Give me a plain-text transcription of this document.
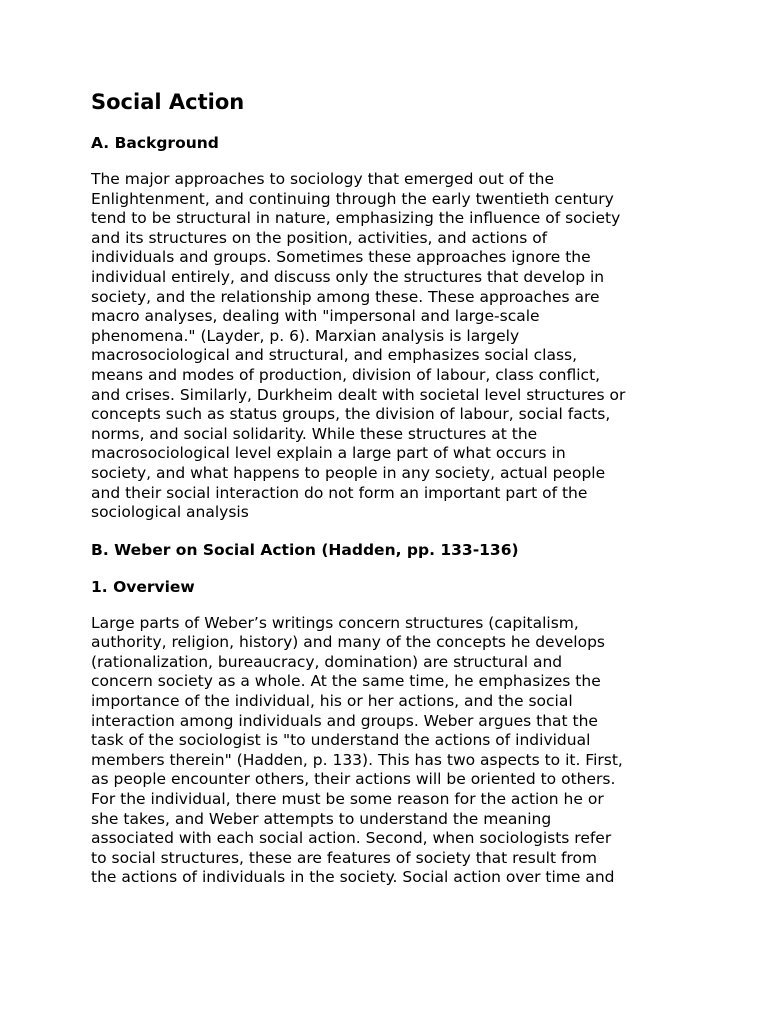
Social Action
A. Background

The major approaches to sociology that emerged out of the
Enlightenment, and continuing through the early twentieth century
tend to be structural in nature, emphasizing the influence of society
and its structures on the position, activities, and actions of
individuals and groups. Sometimes these approaches ignore the
individual entirely, and discuss only the structures that develop in
society, and the relationship among these. These approaches are
macro analyses, dealing with "impersonal and large-scale
phenomena." (Layder, p. 6). Marxian analysis is largely
macrosociological and structural, and emphasizes social class,
means and modes of production, division of labour, class conflict,
and crises. Similarly, Durkheim dealt with societal level structures or
concepts such as status groups, the division of labour, social facts,
norms, and social solidarity. While these structures at the
macrosociological level explain a large part of what occurs in
society, and what happens to people in any society, actual people
and their social interaction do not form an important part of the
sociological analysis

B. Weber on Social Action (Hadden, pp. 133-136)
1. Overview

Large parts of Weber’s writings concern structures (capitalism,
authority, religion, history) and many of the concepts he develops
(rationalization, bureaucracy, domination) are structural and
concern society as a whole. At the same time, he emphasizes the
importance of the individual, his or her actions, and the social
interaction among individuals and groups. Weber argues that the
task of the sociologist is "to understand the actions of individual
members therein" (Hadden, p. 133). This has two aspects to it. First,
as people encounter others, their actions will be oriented to others.
For the individual, there must be some reason for the action he or
she takes, and Weber attempts to understand the meaning
associated with each social action. Second, when sociologists refer
to social structures, these are features of society that result from
the actions of individuals in the society. Social action over time and
